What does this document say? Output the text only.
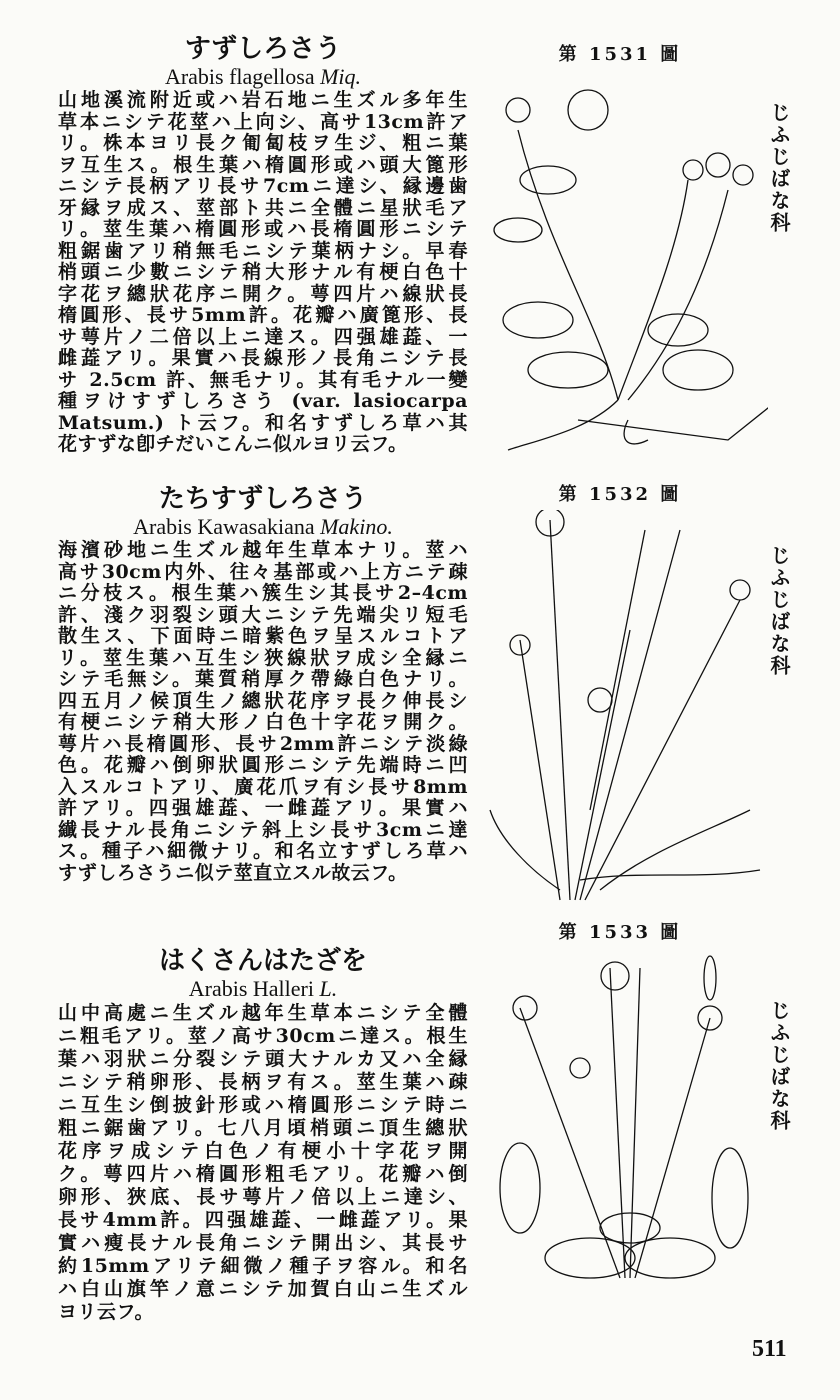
すずしろさう
Arabis flagellosa Miq.
山地溪流附近或ハ岩石地ニ生ズル多年生
草本ニシテ花莖ハ上向シ、高サ13cm許ア
リ。株本ヨリ長ク匍匐枝ヲ生ジ、粗ニ葉
ヲ互生ス。根生葉ハ楕圓形或ハ頭大篦形
ニシテ長柄アリ長サ7cmニ達シ、縁邊歯
牙縁ヲ成ス、莖部ト共ニ全體ニ星狀毛ア
リ。莖生葉ハ楕圓形或ハ長楕圓形ニシテ
粗鋸歯アリ稍無毛ニシテ葉柄ナシ。早春
梢頭ニ少數ニシテ稍大形ナル有梗白色十
字花ヲ總狀花序ニ開ク。萼四片ハ線狀長
楕圓形、長サ5mm許。花瓣ハ廣篦形、長
サ萼片ノ二倍以上ニ達ス。四强雄蕋、一
雌蕋アリ。果實ハ長線形ノ長角ニシテ長
サ 2.5cm 許、無毛ナリ。其有毛ナル一變
種ヲけすずしろさう (var. lasiocarpa
Matsum.) ト云フ。和名すずしろ草ハ其
花すずな卽チだいこんニ似ルヨリ云フ。
たちすずしろさう
Arabis Kawasakiana Makino.
海濱砂地ニ生ズル越年生草本ナリ。莖ハ
高サ30cm内外、往々基部或ハ上方ニテ疎
ニ分枝ス。根生葉ハ簇生シ其長サ2–4cm
許、淺ク羽裂シ頭大ニシテ先端尖リ短毛
散生ス、下面時ニ暗紫色ヲ呈スルコトア
リ。莖生葉ハ互生シ狹線狀ヲ成シ全縁ニ
シテ毛無シ。葉質稍厚ク帶綠白色ナリ。
四五月ノ候頂生ノ總狀花序ヲ長ク伸長シ
有梗ニシテ稍大形ノ白色十字花ヲ開ク。
萼片ハ長楕圓形、長サ2mm許ニシテ淡綠
色。花瓣ハ倒卵狀圓形ニシテ先端時ニ凹
入スルコトアリ、廣花爪ヲ有シ長サ8mm
許アリ。四强雄蕋、一雌蕋アリ。果實ハ
纎長ナル長角ニシテ斜上シ長サ3cmニ達
ス。種子ハ細微ナリ。和名立すずしろ草ハ
すずしろさうニ似テ莖直立スル故云フ。
はくさんはたざを
Arabis Halleri L.
山中高處ニ生ズル越年生草本ニシテ全體
ニ粗毛アリ。莖ノ高サ30cmニ達ス。根生
葉ハ羽狀ニ分裂シテ頭大ナルカ又ハ全縁
ニシテ稍卵形、長柄ヲ有ス。莖生葉ハ疎
ニ互生シ倒披針形或ハ楕圓形ニシテ時ニ
粗ニ鋸歯アリ。七八月頃梢頭ニ頂生總狀
花序ヲ成シテ白色ノ有梗小十字花ヲ開
ク。萼四片ハ楕圓形粗毛アリ。花瓣ハ倒
卵形、狹底、長サ萼片ノ倍以上ニ達シ、
長サ4mm許。四强雄蕋、一雌蕋アリ。果
實ハ瘦長ナル長角ニシテ開出シ、其長サ
約15mmアリテ細微ノ種子ヲ容ル。和名
ハ白山旗竿ノ意ニシテ加賀白山ニ生ズル
ヨリ云フ。
第 1531 圖
第 1532 圖
第 1533 圖
じふじばな科
じふじばな科
じふじばな科
511
